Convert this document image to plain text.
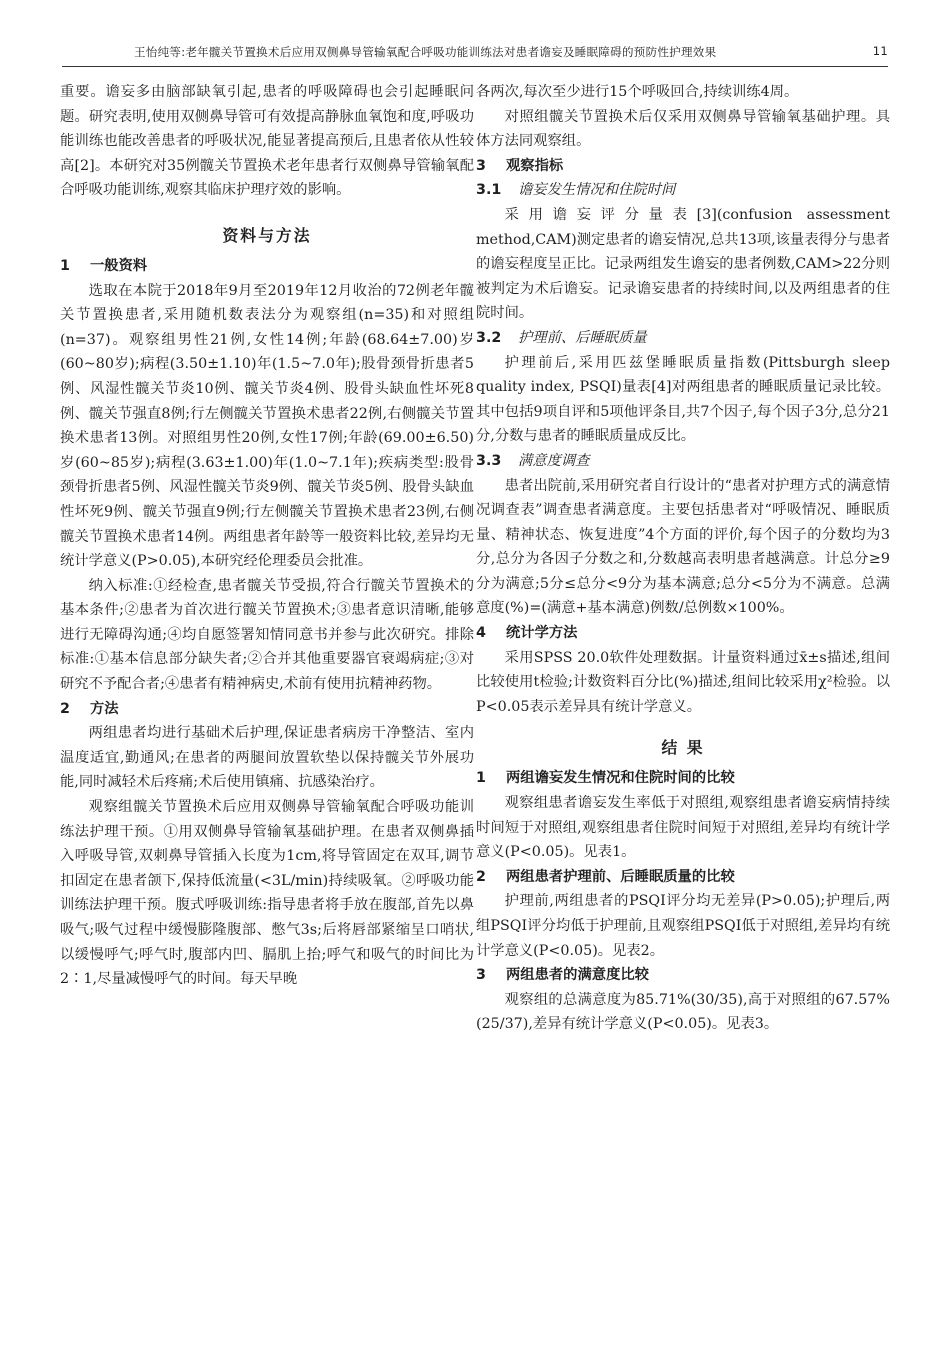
王怡纯等:老年髋关节置换术后应用双侧鼻导管输氧配合呼吸功能训练法对患者谵妄及睡眠障碍的预防性护理效果	11

重要。谵妄多由脑部缺氧引起,患者的呼吸障碍也会引起睡眠问题。研究表明,使用双侧鼻导管可有效提高静脉血氧饱和度,呼吸功能训练也能改善患者的呼吸状况,能显著提高预后,且患者依从性较高[2]。本研究对35例髋关节置换术老年患者行双侧鼻导管输氧配合呼吸功能训练,观察其临床护理疗效的影响。

资料与方法
1 一般资料

选取在本院于2018年9月至2019年12月收治的72例老年髋关节置换患者,采用随机数表法分为观察组(n=35)和对照组(n=37)。观察组男性21例,女性14例;年龄(68.64±7.00)岁(60~80岁);病程(3.50±1.10)年(1.5~7.0年);股骨颈骨折患者5例、风湿性髋关节炎10例、髋关节炎4例、股骨头缺血性坏死8例、髋关节强直8例;行左侧髋关节置换术患者22例,右侧髋关节置换术患者13例。对照组男性20例,女性17例;年龄(69.00±6.50)岁(60~85岁);病程(3.63±1.00)年(1.0~7.1年);疾病类型:股骨颈骨折患者5例、风湿性髋关节炎9例、髋关节炎5例、股骨头缺血性坏死9例、髋关节强直9例;行左侧髋关节置换术患者23例,右侧髋关节置换术患者14例。两组患者年龄等一般资料比较,差异均无统计学意义(P>0.05),本研究经伦理委员会批准。

纳入标准:①经检查,患者髋关节受损,符合行髋关节置换术的基本条件;②患者为首次进行髋关节置换术;③患者意识清晰,能够进行无障碍沟通;④均自愿签署知情同意书并参与此次研究。排除标准:①基本信息部分缺失者;②合并其他重要器官衰竭病症;③对研究不予配合者;④患者有精神病史,术前有使用抗精神药物。

2 方法

两组患者均进行基础术后护理,保证患者病房干净整洁、室内温度适宜,勤通风;在患者的两腿间放置软垫以保持髋关节外展功能,同时减轻术后疼痛;术后使用镇痛、抗感染治疗。

观察组髋关节置换术后应用双侧鼻导管输氧配合呼吸功能训练法护理干预。①用双侧鼻导管输氧基础护理。在患者双侧鼻插入呼吸导管,双刺鼻导管插入长度为1cm,将导管固定在双耳,调节扣固定在患者颌下,保持低流量(<3L/min)持续吸氧。②呼吸功能训练法护理干预。腹式呼吸训练:指导患者将手放在腹部,首先以鼻吸气;吸气过程中缓慢膨隆腹部、憋气3s;后将唇部紧缩呈口哨状,以缓慢呼气;呼气时,腹部内凹、膈肌上抬;呼气和吸气的时间比为2∶1,尽量减慢呼气的时间。每天早晚

各两次,每次至少进行15个呼吸回合,持续训练4周。

对照组髋关节置换术后仅采用双侧鼻导管输氧基础护理。具体方法同观察组。

3 观察指标
3.1 谵妄发生情况和住院时间

采用谵妄评分量表[3](confusion assessment method,CAM)测定患者的谵妄情况,总共13项,该量表得分与患者的谵妄程度呈正比。记录两组发生谵妄的患者例数,CAM>22分则被判定为术后谵妄。记录谵妄患者的持续时间,以及两组患者的住院时间。

3.2 护理前、后睡眠质量

护理前后,采用匹兹堡睡眠质量指数(Pittsburgh sleep quality index, PSQI)量表[4]对两组患者的睡眠质量记录比较。其中包括9项自评和5项他评条目,共7个因子,每个因子3分,总分21分,分数与患者的睡眠质量成反比。

3.3 满意度调查

患者出院前,采用研究者自行设计的“患者对护理方式的满意情况调查表”调查患者满意度。主要包括患者对“呼吸情况、睡眠质量、精神状态、恢复进度”4个方面的评价,每个因子的分数均为3分,总分为各因子分数之和,分数越高表明患者越满意。计总分≥9分为满意;5分≤总分<9分为基本满意;总分<5分为不满意。总满意度(%)=(满意+基本满意)例数/总例数×100%。

4 统计学方法

采用SPSS 20.0软件处理数据。计量资料通过x̄±s描述,组间比较使用t检验;计数资料百分比(%)描述,组间比较采用χ²检验。以P<0.05表示差异具有统计学意义。

结 果
1 两组谵妄发生情况和住院时间的比较

观察组患者谵妄发生率低于对照组,观察组患者谵妄病情持续时间短于对照组,观察组患者住院时间短于对照组,差异均有统计学意义(P<0.05)。见表1。

2 两组患者护理前、后睡眠质量的比较

护理前,两组患者的PSQI评分均无差异(P>0.05);护理后,两组PSQI评分均低于护理前,且观察组PSQI低于对照组,差异均有统计学意义(P<0.05)。见表2。

3 两组患者的满意度比较

观察组的总满意度为85.71%(30/35),高于对照组的67.57%(25/37),差异有统计学意义(P<0.05)。见表3。
